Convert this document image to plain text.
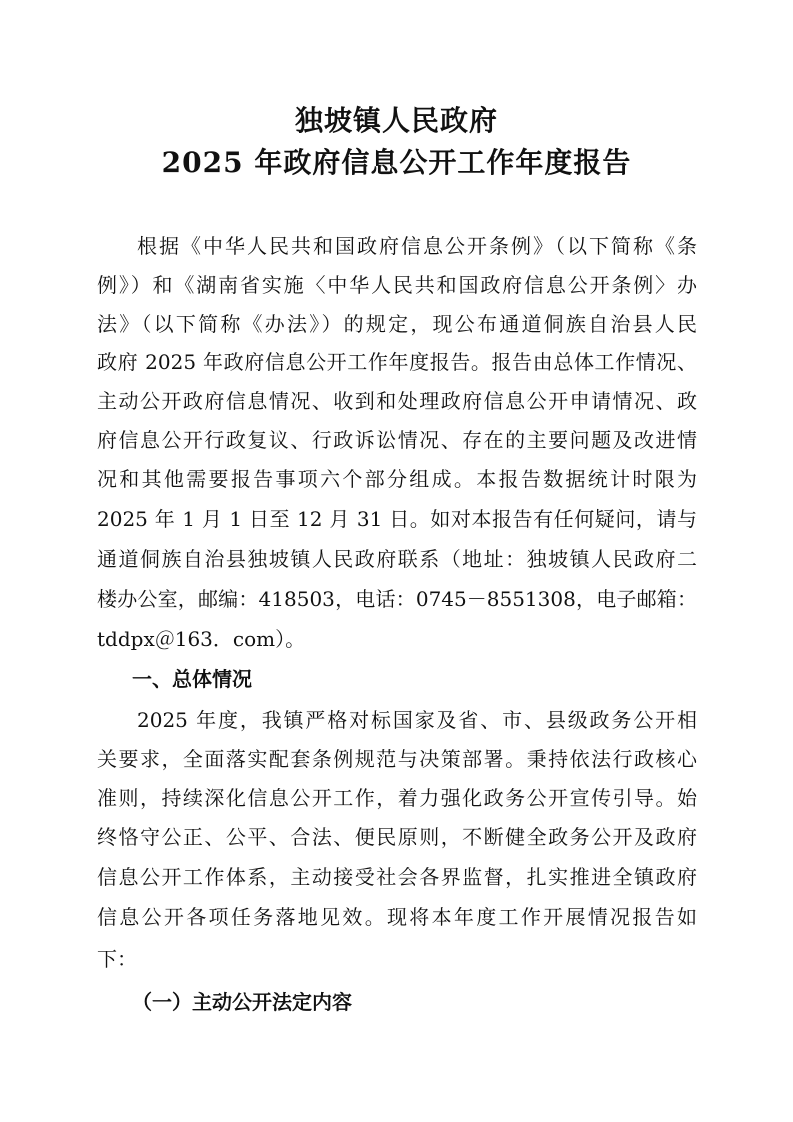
独坡镇人民政府
2025 年政府信息公开工作年度报告
根据《中华人民共和国政府信息公开条例》（以下简称《条
例》）和《湖南省实施〈中华人民共和国政府信息公开条例〉办
法》（以下简称《办法》）的规定，现公布通道侗族自治县人民
政府 2025 年政府信息公开工作年度报告。报告由总体工作情况、
主动公开政府信息情况、收到和处理政府信息公开申请情况、政
府信息公开行政复议、行政诉讼情况、存在的主要问题及改进情
况和其他需要报告事项六个部分组成。本报告数据统计时限为
2025 年 1 月 1 日至 12 月 31 日。如对本报告有任何疑问，请与
通道侗族自治县独坡镇人民政府联系（地址：独坡镇人民政府二
楼办公室，邮编：418503，电话：0745－8551308，电子邮箱：
tddpx＠163．com）。
一、总体情况
2025 年度，我镇严格对标国家及省、市、县级政务公开相
关要求，全面落实配套条例规范与决策部署。秉持依法行政核心
准则，持续深化信息公开工作，着力强化政务公开宣传引导。始
终恪守公正、公平、合法、便民原则，不断健全政务公开及政府
信息公开工作体系，主动接受社会各界监督，扎实推进全镇政府
信息公开各项任务落地见效。现将本年度工作开展情况报告如
下：
（一）主动公开法定内容
